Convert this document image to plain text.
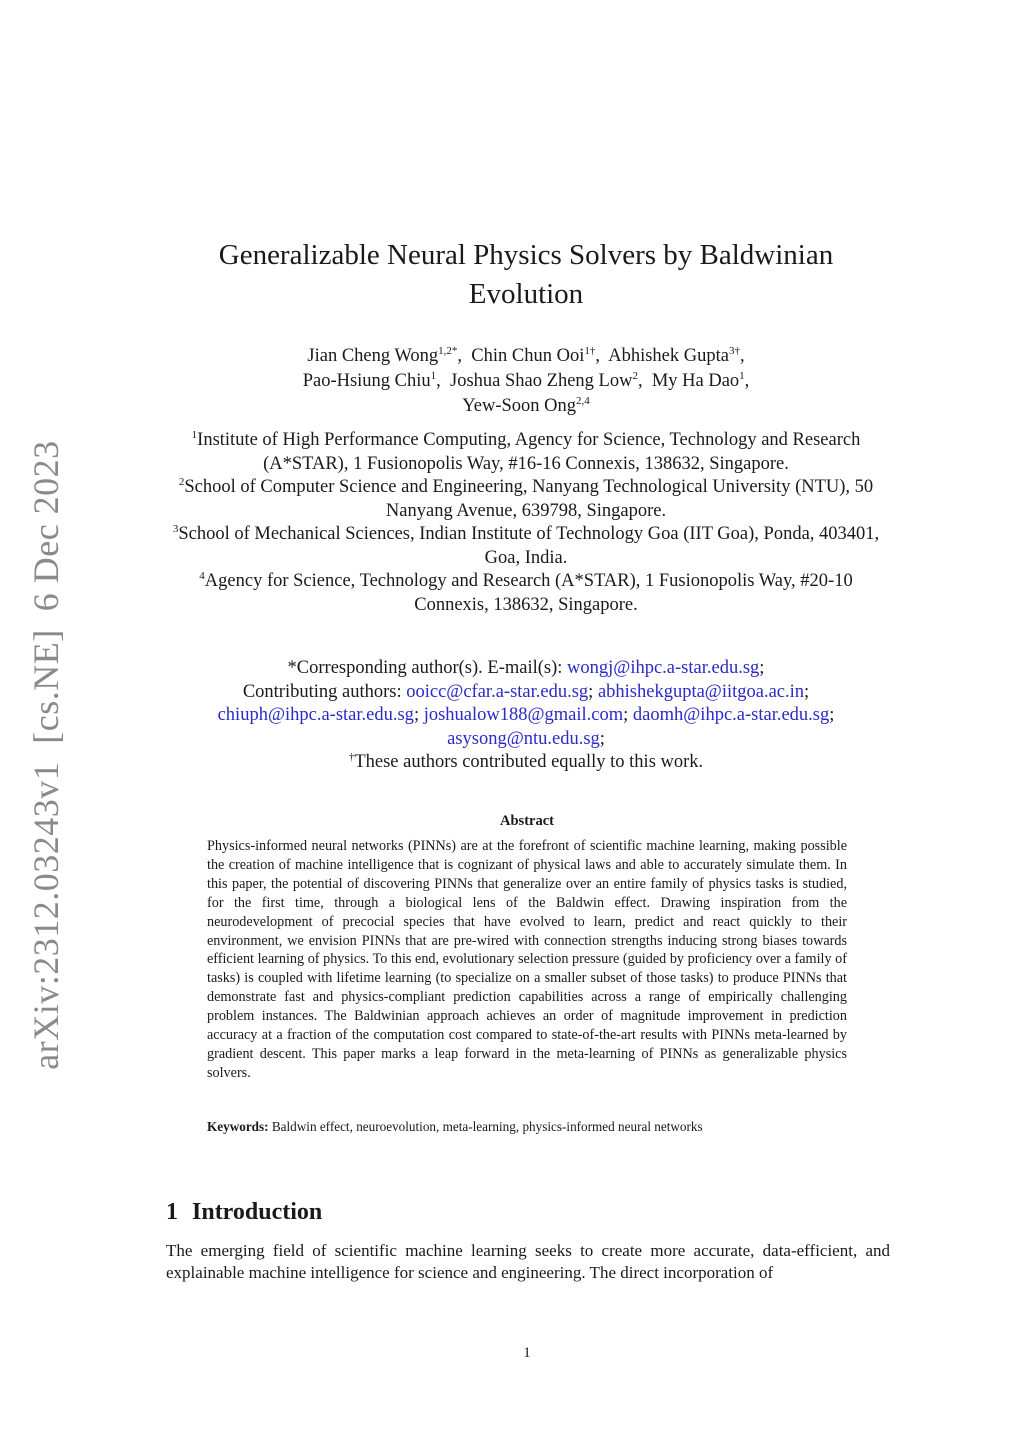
arXiv:2312.03243v1[cs.NE]6 Dec 2023
Generalizable Neural Physics Solvers by Baldwinian Evolution
Jian Cheng Wong$^{1,2*}$, Chin Chun Ooi$^{1\dagger}$, Abhishek Gupta$^{3\dagger}$,
Pao-Hsiung Chiu$^1$, Joshua Shao Zheng Low$^2$, My Ha Dao$^1$,
Yew-Soon Ong$^{2,4}$
$^1$Institute of High Performance Computing, Agency for Science, Technology and Research (A*STAR), 1 Fusionopolis Way, #16-16 Connexis, 138632, Singapore.
$^2$School of Computer Science and Engineering, Nanyang Technological University (NTU), 50 Nanyang Avenue, 639798, Singapore.
$^3$School of Mechanical Sciences, Indian Institute of Technology Goa (IIT Goa), Ponda, 403401, Goa, India.
$^4$Agency for Science, Technology and Research (A*STAR), 1 Fusionopolis Way, #20-10 Connexis, 138632, Singapore.
*Corresponding author(s). E-mail(s): wongj@ihpc.a-star.edu.sg;
Contributing authors: ooicc@cfar.a-star.edu.sg; abhishekgupta@iitgoa.ac.in;
chiuph@ihpc.a-star.edu.sg; joshualow188@gmail.com; daomh@ihpc.a-star.edu.sg;
asysong@ntu.edu.sg;
†These authors contributed equally to this work.
Abstract

Physics-informed neural networks (PINNs) are at the forefront of scientific machine learning, making possible the creation of machine intelligence that is cognizant of physical laws and able to accurately simulate them. In this paper, the potential of discovering PINNs that generalize over an entire family of physics tasks is studied, for the first time, through a biological lens of the Baldwin effect. Drawing inspiration from the neurodevelopment of precocial species that have evolved to learn, predict and react quickly to their environment, we envision PINNs that are pre-wired with connection strengths inducing strong biases towards efficient learning of physics. To this end, evolutionary selection pressure (guided by proficiency over a family of tasks) is coupled with lifetime learning (to specialize on a smaller subset of those tasks) to produce PINNs that demonstrate fast and physics-compliant prediction capabilities across a range of empirically challenging problem instances. The Baldwinian approach achieves an order of magnitude improvement in prediction accuracy at a fraction of the computation cost compared to state-of-the-art results with PINNs meta-learned by gradient descent. This paper marks a leap forward in the meta-learning of PINNs as generalizable physics solvers.

Keywords: Baldwin effect, neuroevolution, meta-learning, physics-informed neural networks

1 Introduction

The emerging field of scientific machine learning seeks to create more accurate, data-efficient, and explainable machine intelligence for science and engineering. The direct incorporation of

1
